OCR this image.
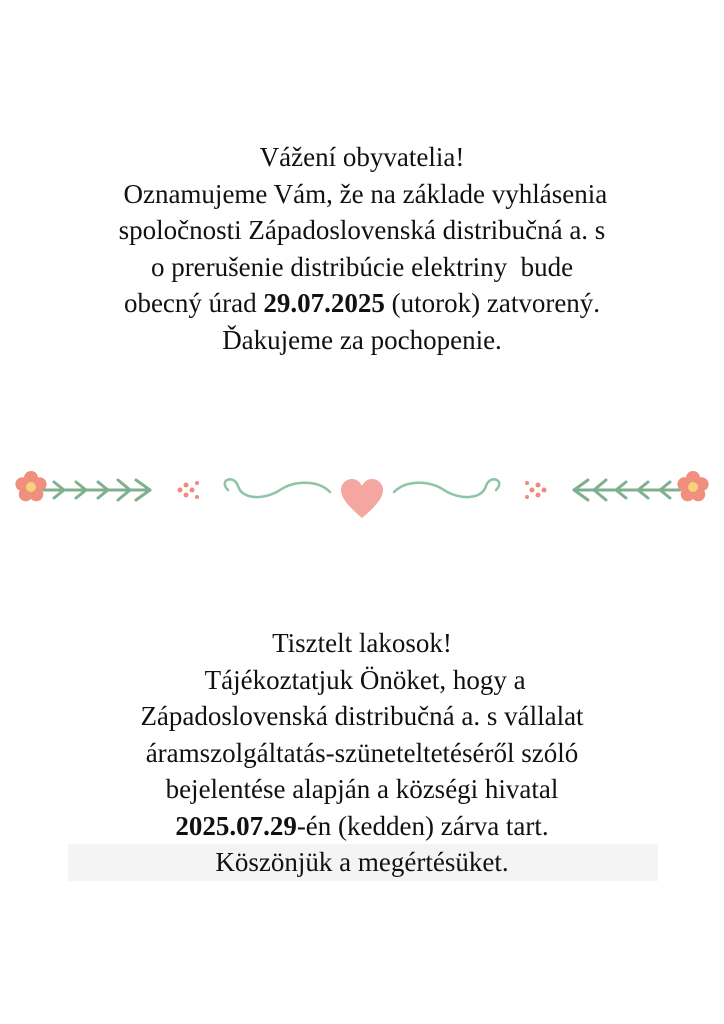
Vážení obyvatelia!
Oznamujeme Vám, že na základe vyhlásenia
spoločnosti Západoslovenská distribučná a. s
o prerušenie distribúcie elektriny  bude
obecný úrad 29.07.2025 (utorok) zatvorený.
Ďakujeme za pochopenie.
Tisztelt lakosok!
Tájékoztatjuk Önöket, hogy a
Západoslovenská distribučná a. s vállalat
áramszolgáltatás-szüneteltetéséről szóló
bejelentése alapján a községi hivatal
2025.07.29-én (kedden) zárva tart.
Köszönjük a megértésüket.
